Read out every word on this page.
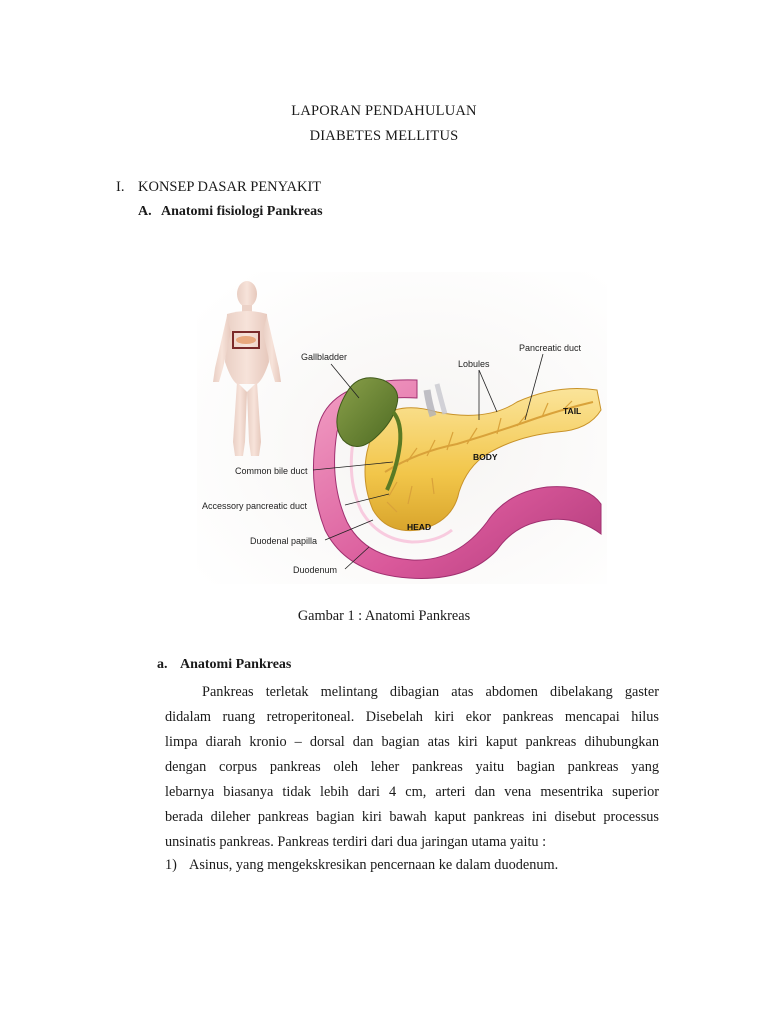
LAPORAN PENDAHULUAN
DIABETES MELLITUS
I. KONSEP DASAR PENYAKIT
A. Anatomi fisiologi Pankreas
Gallbladder
Lobules
Pancreatic duct
TAIL
BODY
HEAD
Common bile duct
Accessory pancreatic duct
Duodenal papilla
Duodenum
Gambar 1 : Anatomi Pankreas
a. Anatomi Pankreas
Pankreas terletak melintang dibagian atas abdomen dibelakang gaster
didalam ruang retroperitoneal. Disebelah kiri ekor pankreas mencapai hilus
limpa diarah kronio – dorsal dan bagian atas kiri kaput pankreas dihubungkan
dengan corpus pankreas oleh leher pankreas yaitu bagian pankreas yang
lebarnya biasanya tidak lebih dari 4 cm, arteri dan vena mesentrika superior
berada dileher pankreas bagian kiri bawah kaput pankreas ini disebut processus
unsinatis pankreas. Pankreas terdiri dari dua jaringan utama yaitu :
1) Asinus, yang mengekskresikan pencernaan ke dalam duodenum.
